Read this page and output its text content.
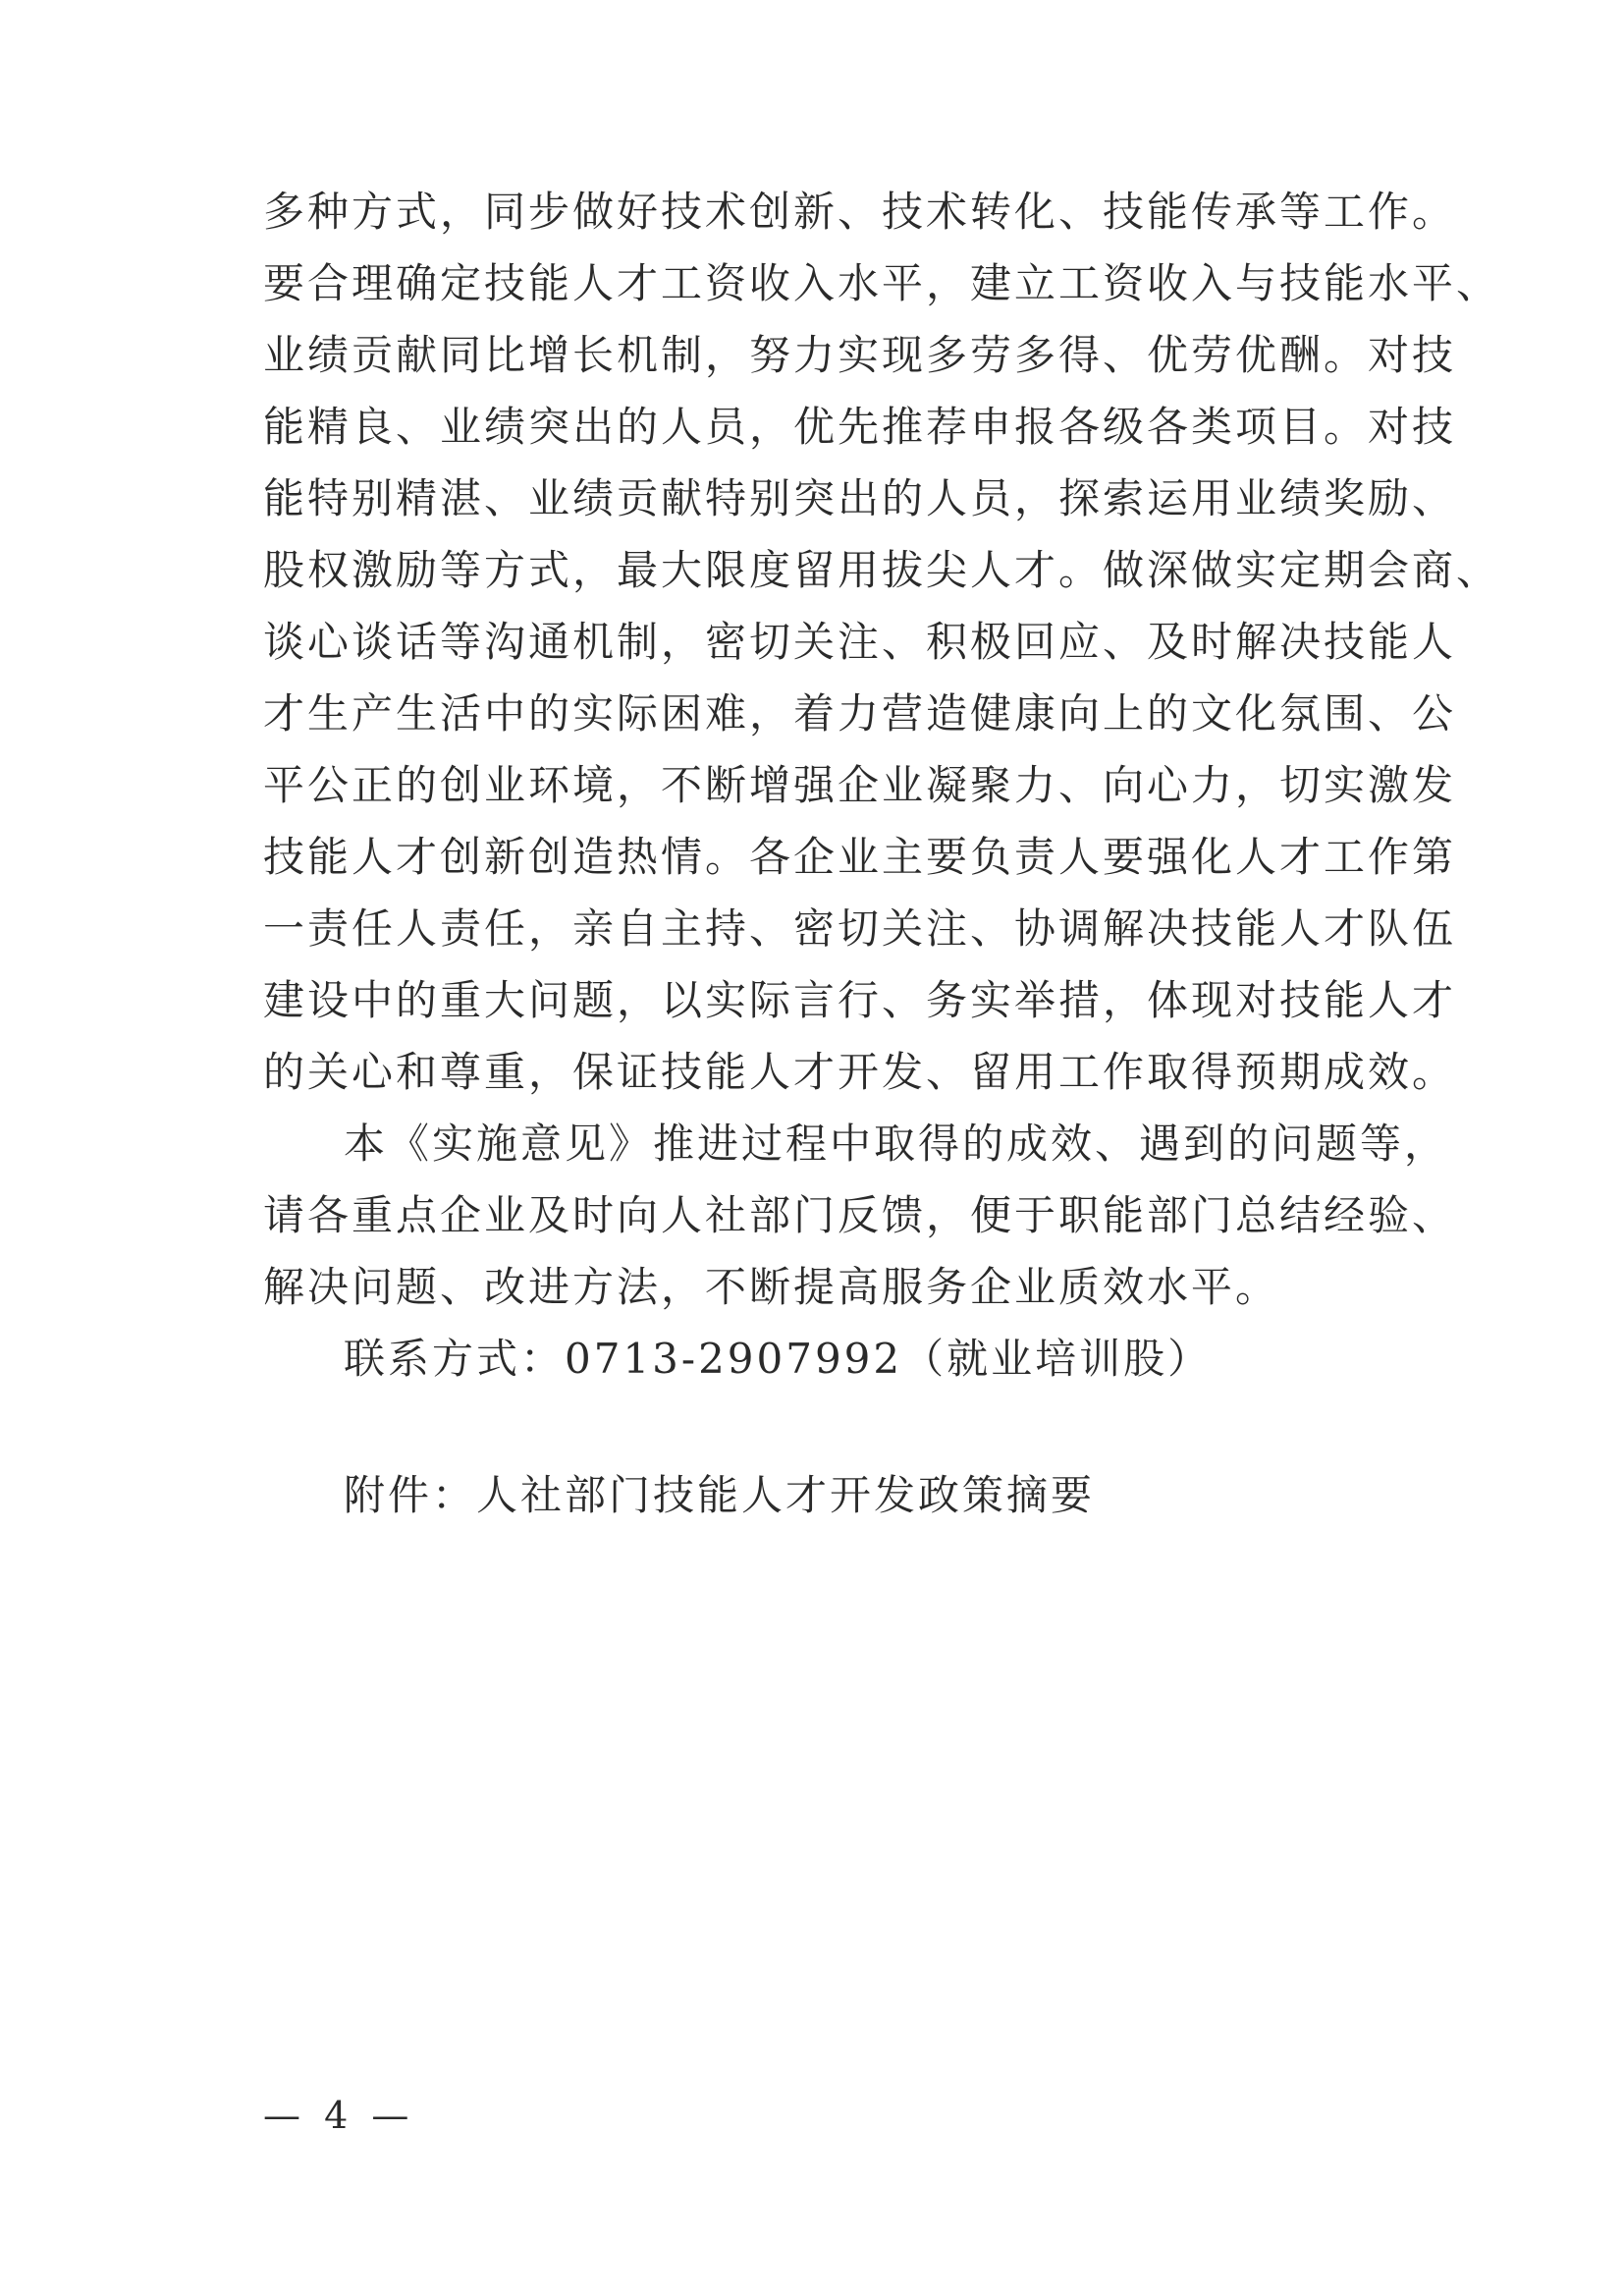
多种方式，同步做好技术创新、技术转化、技能传承等工作。
要合理确定技能人才工资收入水平，建立工资收入与技能水平、
业绩贡献同比增长机制，努力实现多劳多得、优劳优酬。对技
能精良、业绩突出的人员，优先推荐申报各级各类项目。对技
能特别精湛、业绩贡献特别突出的人员，探索运用业绩奖励、
股权激励等方式，最大限度留用拔尖人才。做深做实定期会商、
谈心谈话等沟通机制，密切关注、积极回应、及时解决技能人
才生产生活中的实际困难，着力营造健康向上的文化氛围、公
平公正的创业环境，不断增强企业凝聚力、向心力，切实激发
技能人才创新创造热情。各企业主要负责人要强化人才工作第
一责任人责任，亲自主持、密切关注、协调解决技能人才队伍
建设中的重大问题，以实际言行、务实举措，体现对技能人才
的关心和尊重，保证技能人才开发、留用工作取得预期成效。
本《实施意见》推进过程中取得的成效、遇到的问题等，
请各重点企业及时向人社部门反馈，便于职能部门总结经验、
解决问题、改进方法，不断提高服务企业质效水平。
联系方式：0713-2907992（就业培训股）
附件：人社部门技能人才开发政策摘要
— 4 —
